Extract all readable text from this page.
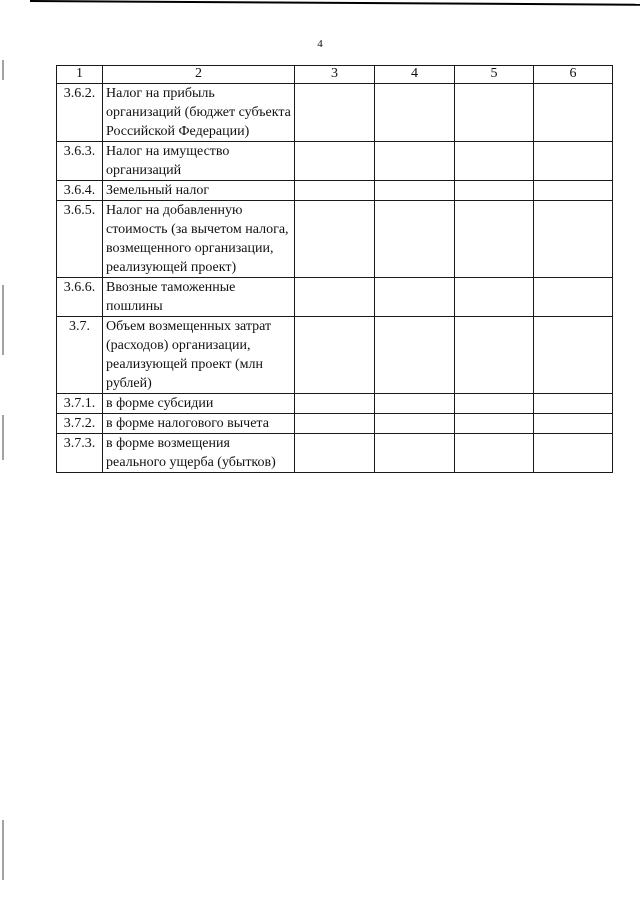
4
1	2	3	4	5	6
3.6.2.	Налог на прибыль организаций (бюджет субъекта Российской Федерации)				
3.6.3.	Налог на имущество организаций				
3.6.4.	Земельный налог				
3.6.5.	Налог на добавленную стоимость (за вычетом налога, возмещенного организации, реализующей проект)				
3.6.6.	Ввозные таможенные пошлины				
3.7.	Объем возмещенных затрат (расходов) организации, реализующей проект (млн рублей)				
3.7.1.	в форме субсидии				
3.7.2.	в форме налогового вычета				
3.7.3.	в форме возмещения реального ущерба (убытков)				
